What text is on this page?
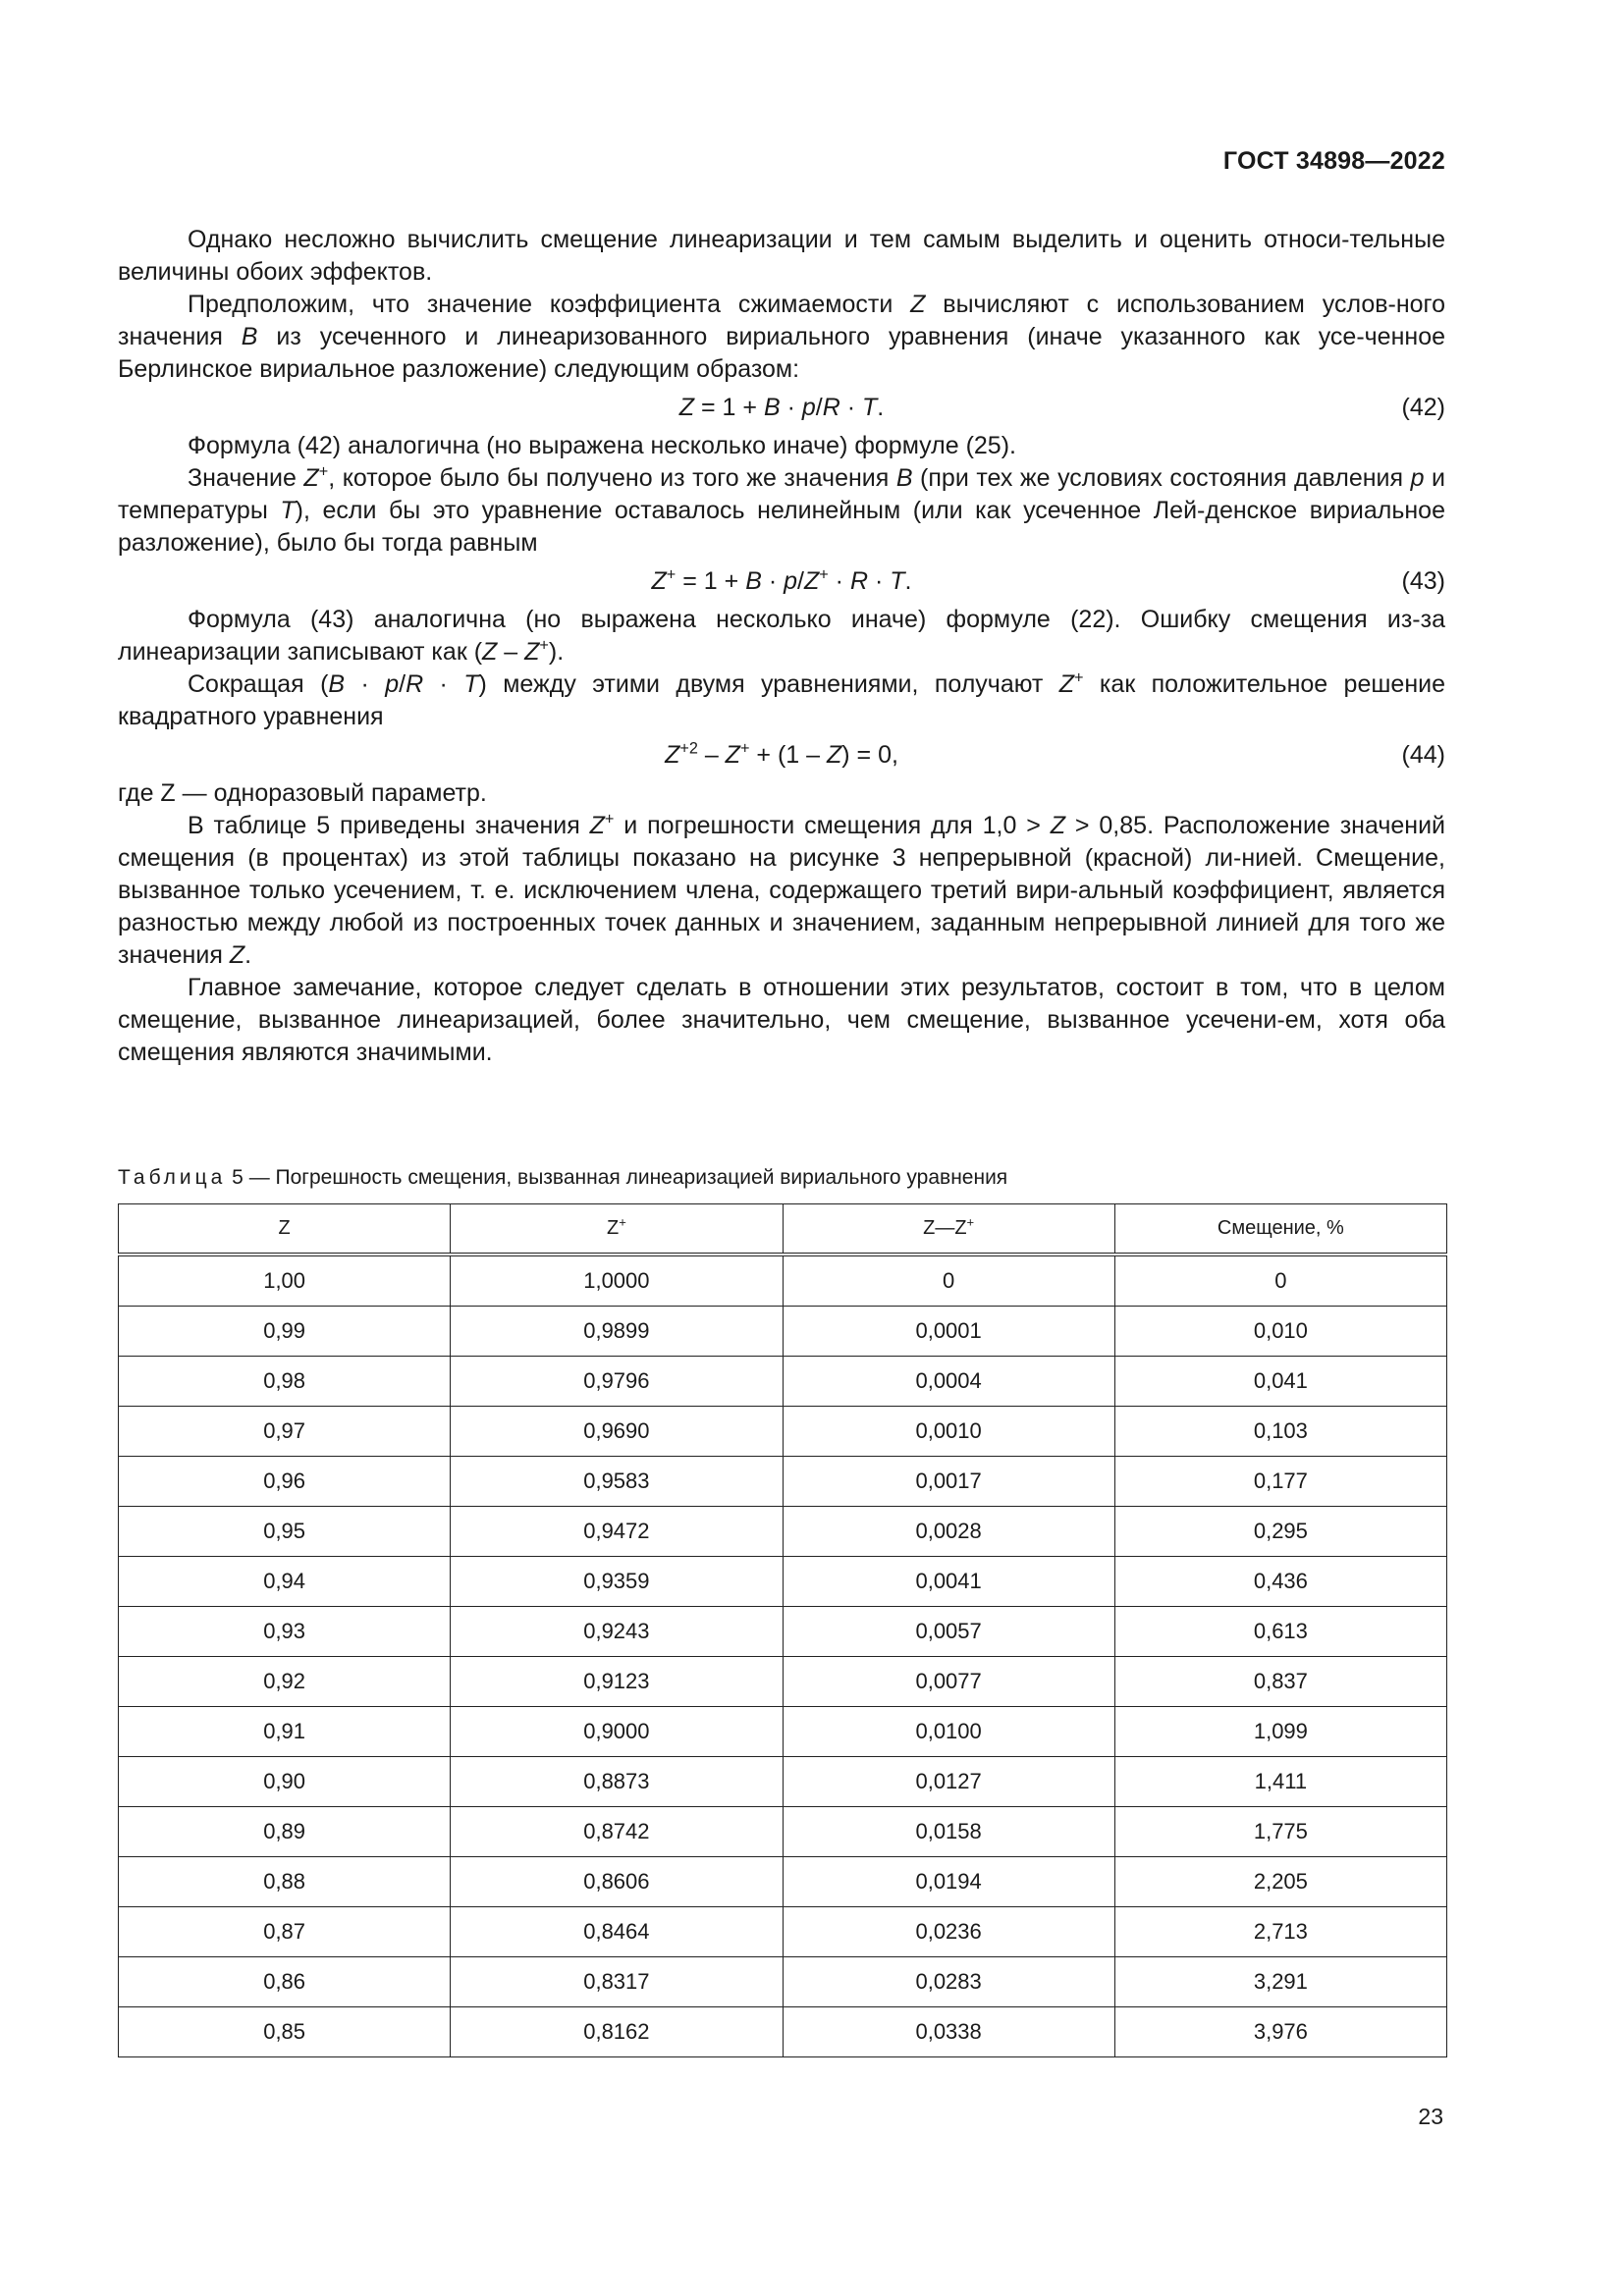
ГОСТ 34898—2022

Однако несложно вычислить смещение линеаризации и тем самым выделить и оценить относи-тельные величины обоих эффектов.

Предположим, что значение коэффициента сжимаемости Z вычисляют с использованием услов-ного значения B из усеченного и линеаризованного вириального уравнения (иначе указанного как усе-ченное Берлинское вириальное разложение) следующим образом:

Z = 1 + B · p/R · T.	(42)

Формула (42) аналогична (но выражена несколько иначе) формуле (25).

Значение Z+, которое было бы получено из того же значения B (при тех же условиях состояния давления p и температуры T), если бы это уравнение оставалось нелинейным (или как усеченное Лей-денское вириальное разложение), было бы тогда равным

Z+ = 1 + B · p/Z+ · R · T.	(43)

Формула (43) аналогична (но выражена несколько иначе) формуле (22). Ошибку смещения из-за линеаризации записывают как (Z – Z+).

Сокращая (B · p/R · T) между этими двумя уравнениями, получают Z+ как положительное решение квадратного уравнения

$Z^{+2} - Z^+ + (1 - Z) = 0$,	(44)

где Z — одноразовый параметр.

В таблице 5 приведены значения Z+ и погрешности смещения для 1,0 > Z > 0,85. Расположение значений смещения (в процентах) из этой таблицы показано на рисунке 3 непрерывной (красной) ли-нией. Смещение, вызванное только усечением, т. е. исключением члена, содержащего третий вири-альный коэффициент, является разностью между любой из построенных точек данных и значением, заданным непрерывной линией для того же значения Z.

Главное замечание, которое следует сделать в отношении этих результатов, состоит в том, что в целом смещение, вызванное линеаризацией, более значительно, чем смещение, вызванное усечени-ем, хотя оба смещения являются значимыми.

Таблица 5 — Погрешность смещения, вызванная линеаризацией вириального уравнения
Z	Z+	Z—Z+	Смещение, %
1,00	1,0000	0	0
0,99	0,9899	0,0001	0,010
0,98	0,9796	0,0004	0,041
0,97	0,9690	0,0010	0,103
0,96	0,9583	0,0017	0,177
0,95	0,9472	0,0028	0,295
0,94	0,9359	0,0041	0,436
0,93	0,9243	0,0057	0,613
0,92	0,9123	0,0077	0,837
0,91	0,9000	0,0100	1,099
0,90	0,8873	0,0127	1,411
0,89	0,8742	0,0158	1,775
0,88	0,8606	0,0194	2,205
0,87	0,8464	0,0236	2,713
0,86	0,8317	0,0283	3,291
0,85	0,8162	0,0338	3,976
23
